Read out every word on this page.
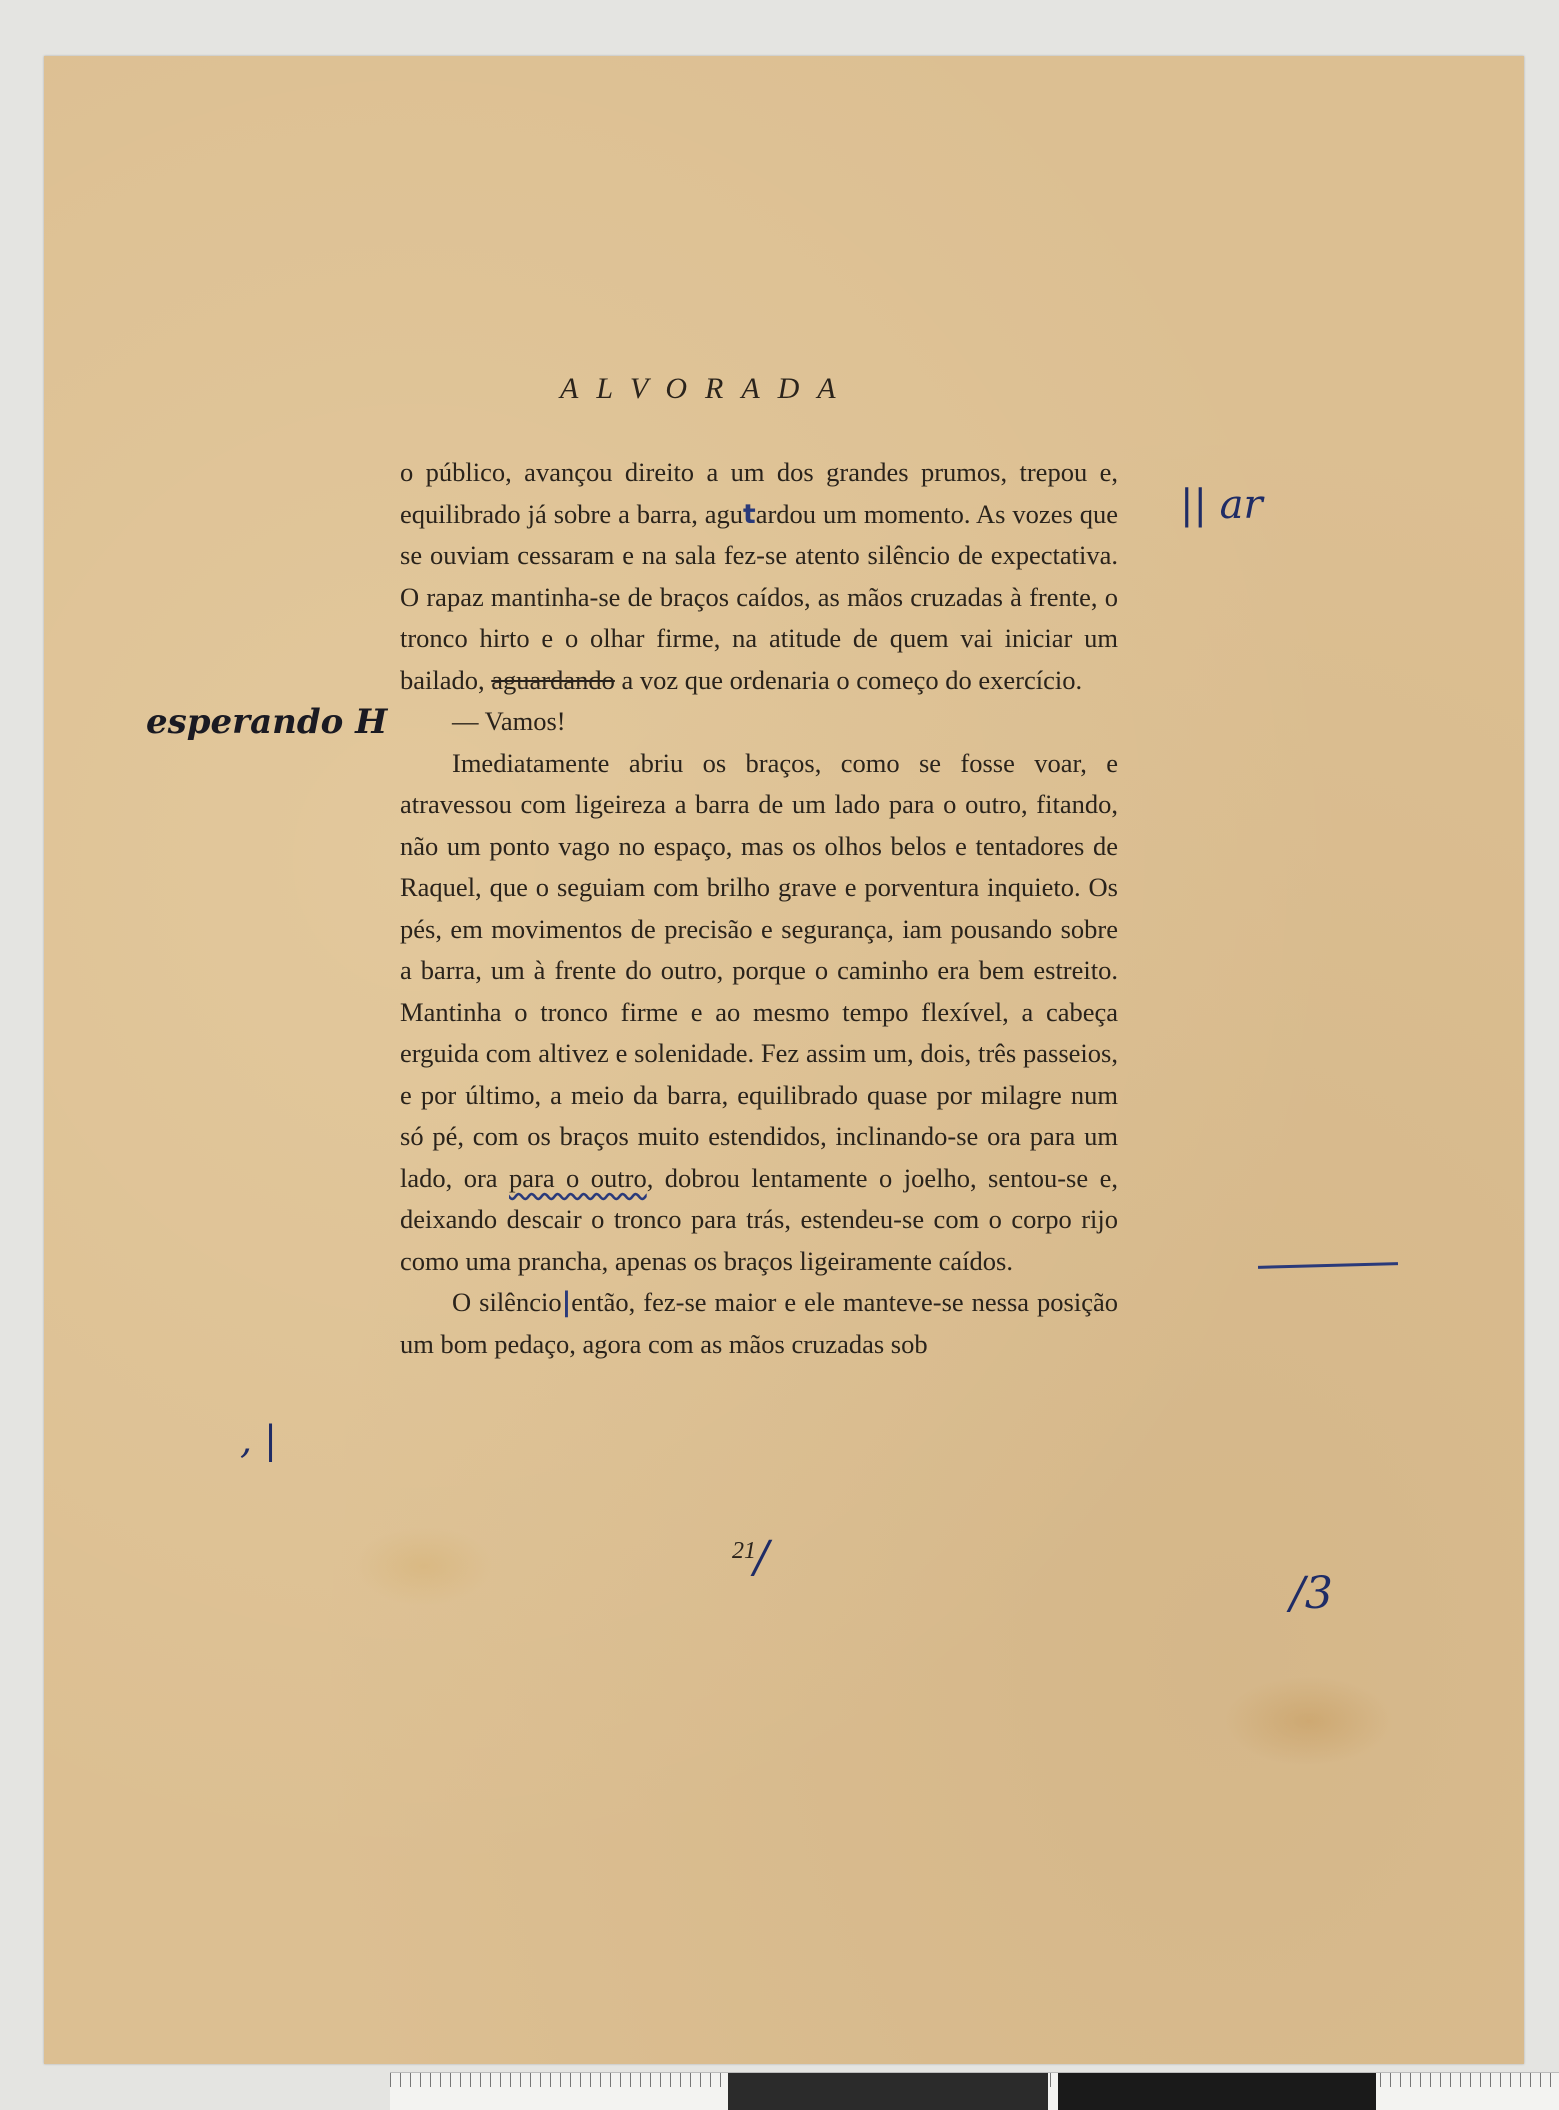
ALVORADA

o público, avançou direito a um dos grandes prumos, trepou e, equilibrado já sobre a barra, agutardou um momento. As vozes que se ouviam cessaram e na sala fez-se atento silêncio de expectativa. O rapaz mantinha-se de braços caídos, as mãos cruzadas à frente, o tronco hirto e o olhar firme, na atitude de quem vai iniciar um bailado, aguardando a voz que ordenaria o começo do exercício.

— Vamos!

Imediatamente abriu os braços, como se fosse voar, e atravessou com ligeireza a barra de um lado para o outro, fitando, não um ponto vago no espaço, mas os olhos belos e tentadores de Raquel, que o seguiam com brilho grave e porventura inquieto. Os pés, em movimentos de precisão e segurança, iam pousando sobre a barra, um à frente do outro, porque o caminho era bem estreito. Mantinha o tronco firme e ao mesmo tempo flexível, a cabeça erguida com altivez e solenidade. Fez assim um, dois, três passeios, e por último, a meio da barra, equilibrado quase por milagre num só pé, com os braços muito estendidos, inclinando-se ora para um lado, ora para o outro, dobrou lentamente o joelho, sentou-se e, deixando descair o tronco para trás, estendeu-se com o corpo rijo como uma prancha, apenas os braços ligeiramente caídos.

O silêncio|então, fez-se maior e ele manteve-se nessa posição um bom pedaço, agora com as mãos cruzadas sob

21
|| ar
esperando H
, |
/3
/
